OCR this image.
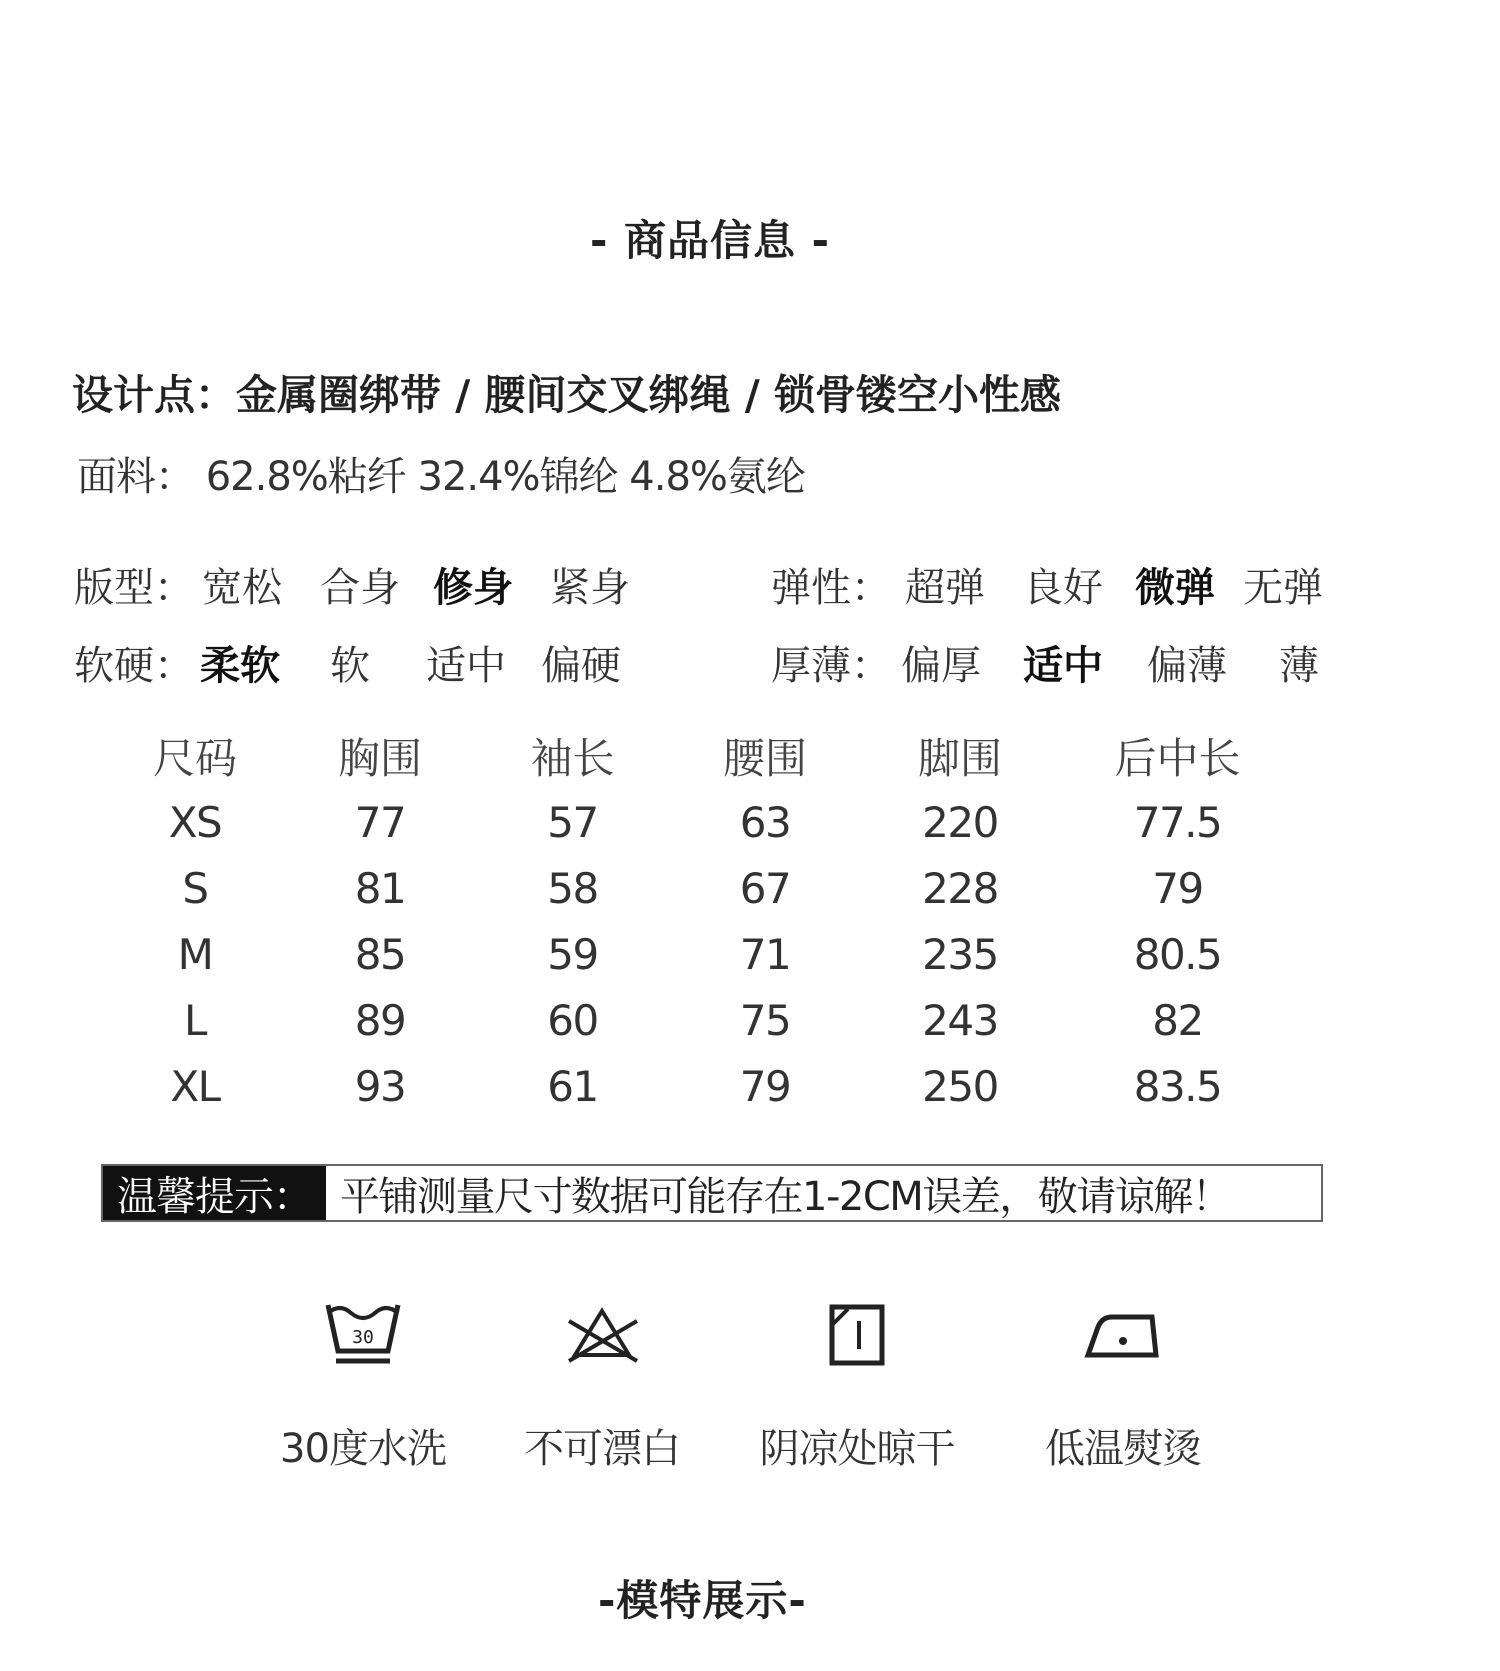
- 商品信息 -
设计点：金属圈绑带 / 腰间交叉绑绳 / 锁骨镂空小性感
面料： 62.8%粘纤 32.4%锦纶 4.8%氨纶
版型： 宽松 合身 修身 紧身	弹性： 超弹 良好 微弹 无弹
软硬： 柔软	软	适中 偏硬	厚薄： 偏厚	适中	偏薄	薄
尺码	胸围	袖长	腰围	脚围	后中长
XS	77	57	63	220	77.5
S	81	58	67	228	79
M	85	59	71	235	80.5
L	89	60	75	243	82
XL	93	61	79	250	83.5
温馨提示： 平铺测量尺寸数据可能存在1-2CM误差，敬请谅解！
30
30度水洗	不可漂白	阴凉处晾干	低温熨烫
-模特展示-
